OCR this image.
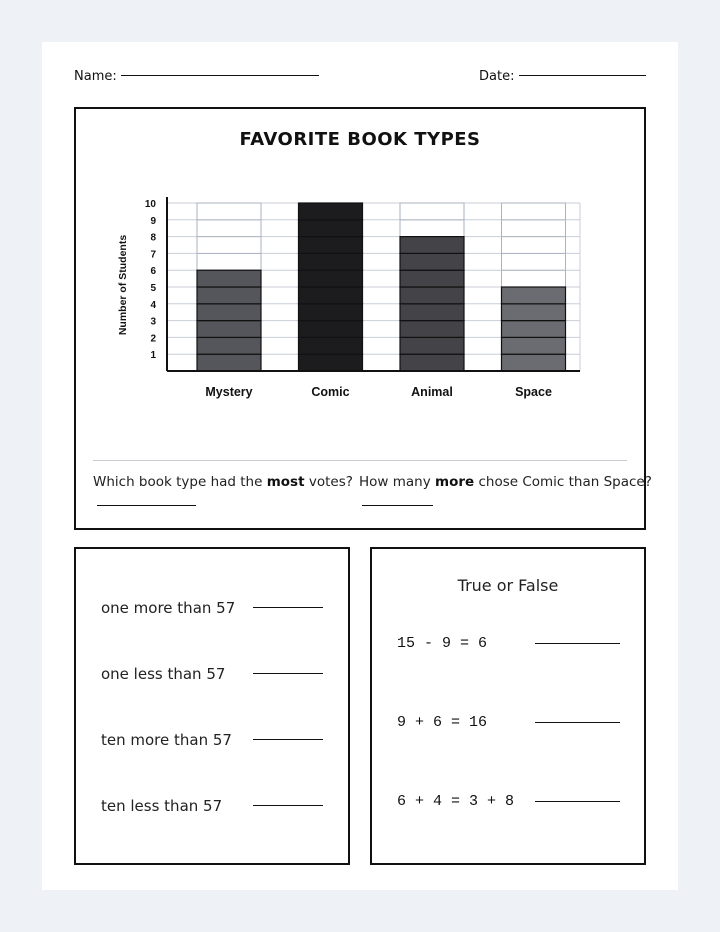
Name:	Date:
FAVORITE BOOK TYPES
Mystery	Comic	Animal	Space
1
2
3
4
5
6
7
8
9
10
Number of Students
Which book type had the most votes? How many more chose Comic than Space?
one more than 57
one less than 57
ten more than 57
ten less than 57
True or False
15 - 9 = 6
9 + 6 = 16
6 + 4 = 3 + 8
